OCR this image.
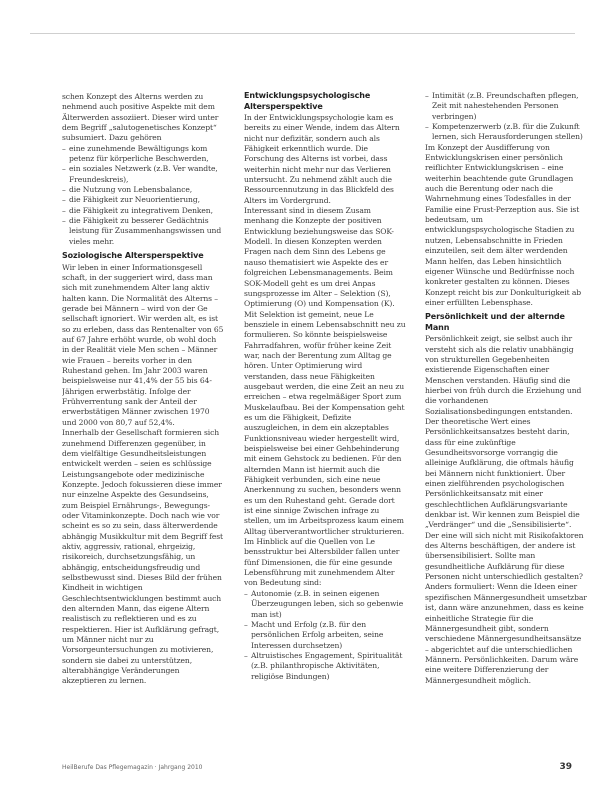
schen Konzept des Alterns werden zu nehmend auch positive Aspekte mit dem Älterwerden assoziiert. Dieser wird unter dem Begriff „salutogenetisches Konzept“ subsumiert. Dazu gehören

– eine zunehmende Bewältigungs kom petenz für körperliche Beschwerden,
– ein soziales Netzwerk (z.B. Ver wandte, Freundeskreis),
– die Nutzung von Lebensbalance,
– die Fähigkeit zur Neuorientierung,
– die Fähigkeit zu integrativem Denken,
– die Fähigkeit zu besserer Gedächtnis leistung für Zusammenhangswissen und vieles mehr.
Soziologische Altersperspektive

Wir leben in einer Informationsgesell schaft, in der suggeriert wird, dass man sich mit zunehmendem Alter lang aktiv halten kann. Die Normalität des Alterns – gerade bei Männern – wird von der Ge sellschaft ignoriert. Wir werden alt, es ist so zu erleben, dass das Rentenalter von 65 auf 67 Jahre erhöht wurde, ob wohl doch in der Realität viele Men schen – Männer wie Frauen – bereits vorher in den Ruhestand gehen. Im Jahr 2003 waren beispielsweise nur 41,4% der 55 bis 64-Jährigen erwerbstätig. Infolge der Frühverrentung sank der Anteil der erwerbstätigen Männer zwischen 1970 und 2000 von 80,7 auf 52,4%.

Innerhalb der Gesellschaft formieren sich zunehmend Differenzen gegenüber, in dem vielfältige Gesundheitsleistungen entwickelt werden – seien es schlüssige Leistungsangebote oder medizinische Konzepte. Jedoch fokussieren diese immer nur einzelne Aspekte des Gesundseins, zum Beispiel Ernährungs-, Bewegungs- oder Vitaminkonzepte. Doch nach wie vor scheint es so zu sein, dass älterwerdende abhängig Musikkultur mit dem Begriff fest aktiv, aggressiv, rational, ehrgeizig, risikoreich, durchsetzungsfähig, un abhängig, entscheidungsfreudig und selbstbewusst sind. Dieses Bild der frühen Kindheit in wichtigen Geschlechtsentwicklungen bestimmt auch den alternden Mann, das eigene Altern realistisch zu reflektieren und es zu respektieren. Hier ist Aufklärung gefragt, um Männer nicht nur zu Vorsorgeuntersuchungen zu motivieren, sondern sie dabei zu unterstützen, alterabhängige Veränderungen akzeptieren zu lernen.

Entwicklungspsychologische Altersperspektive

In der Entwicklungspsychologie kam es bereits zu einer Wende, indem das Altern nicht nur defizitär, sondern auch als Fähigkeit erkenntlich wurde. Die Forschung des Alterns ist vorbei, dass weiterhin nicht mehr nur das Verlieren untersucht. Zu nehmend zählt auch die Ressourcennutzung in das Blickfeld des Alters im Vordergrund.

Interessant sind in diesem Zusam menhang die Konzepte der positiven Entwicklung beziehungsweise das SOK-Modell. In diesen Konzepten werden Fragen nach dem Sinn des Lebens ge nauso thematisiert wie Aspekte des er folgreichen Lebensmanagements. Beim SOK-Modell geht es um drei Anpas sungsprozesse im Alter – Selektion (S), Optimierung (O) und Kompensation (K).

Mit Selektion ist gemeint, neue Le bensziele in einem Lebensabschnitt neu zu formulieren. So könnte beispielsweise Fahrradfahren, wofür früher keine Zeit war, nach der Berentung zum Alltag ge hören. Unter Optimierung wird verstanden, dass neue Fähigkeiten ausgebaut werden, die eine Zeit an neu zu erreichen – etwa regelmäßiger Sport zum Muskelaufbau. Bei der Kompensation geht es um die Fähigkeit, Defizite auszugleichen, in dem ein akzeptables Funktionsniveau wieder hergestellt wird, beispielsweise bei einer Gehbehinderung mit einem Gehstock zu bedienen. Für den alternden Mann ist hiermit auch die Fähigkeit verbunden, sich eine neue Anerkennung zu suchen, besonders wenn es um den Ruhestand geht. Gerade dort ist eine sinnige Zwischen infrage zu stellen, um im Arbeitsprozess kaum einem Alltag überverantwortlicher strukturieren.

Im Hinblick auf die Quellen von Le bensstruktur bei Altersbilder fallen unter fünf Dimensionen, die für eine gesunde Lebensführung mit zunehmendem Alter von Bedeutung sind:

– Autonomie (z.B. in seinen eigenen Überzeugungen leben, sich so gebenwie man ist)
– Macht und Erfolg (z.B. für den persönlichen Erfolg arbeiten, seine Interessen durchsetzen)
– Altruistisches Engagement, Spiritualität (z.B. philanthropische Aktivitäten, religiöse Bindungen)
– Intimität (z.B. Freundschaften pflegen, Zeit mit nahestehenden Personen verbringen)
– Kompetenzerwerb (z.B. für die Zukunft lernen, sich Herausforderungen stellen)

Im Konzept der Ausdifferung von Entwicklungskrisen einer persönlich reiflichter Entwicklungskrisen – eine weiterhin beachtende gute Grundlagen auch die Berentung oder nach die Wahrnehmung eines Todesfalles in der Familie eine Frust-Perzeption aus. Sie ist bedeutsam, um entwicklungspsychologische Stadien zu nutzen, Lebensabschnitte in Frieden einzuteilen, seit dem älter werdenden Mann helfen, das Leben hinsichtlich eigener Wünsche und Bedürfnisse noch konkreter gestalten zu können. Dieses Konzept reicht bis zur Donkulturigkeit ab einer erfüllten Lebensphase.

Persönlichkeit und der alternde Mann

Persönlichkeit zeigt, sie selbst auch ihr versteht sich als die relativ unabhängig von strukturellen Gegebenheiten existierende Eigenschaften einer Menschen verstanden. Häufig sind die hierbei von früh durch die Erziehung und die vorhandenen Sozialisationsbedingungen entstanden.

Der theoretische Wert eines Persönlichkeitsansatzes besteht darin, dass für eine zukünftige Gesundheitsvorsorge vorrangig die alleinige Aufklärung, die oftmals häufig bei Männern nicht funktioniert. Über einen zielführenden psychologischen Persönlichkeitsansatz mit einer geschlechtlichen Aufklärungsvariante denkbar ist. Wir kennen zum Beispiel die „Verdränger“ und die „Sensibilisierte“. Der eine will sich nicht mit Risikofaktoren des Alterns beschäftigen, der andere ist übersensibilisiert. Sollte man gesundheitliche Aufklärung für diese Personen nicht unterschiedlich gestalten? Anders formuliert: Wenn die Ideen einer spezifischen Männergesundheit umsetzbar ist, dann wäre anzunehmen, dass es keine einheitliche Strategie für die Männergesundheit gibt, sondern verschiedene Männergesundheitsansätze – abgerichtet auf die unterschiedlichen Männern. Persönlichkeiten. Darum wäre eine weitere Differenzierung der Männergesundheit möglich.

HeilBerufe Das Pflegemagazin · Jahrgang 2010	39
